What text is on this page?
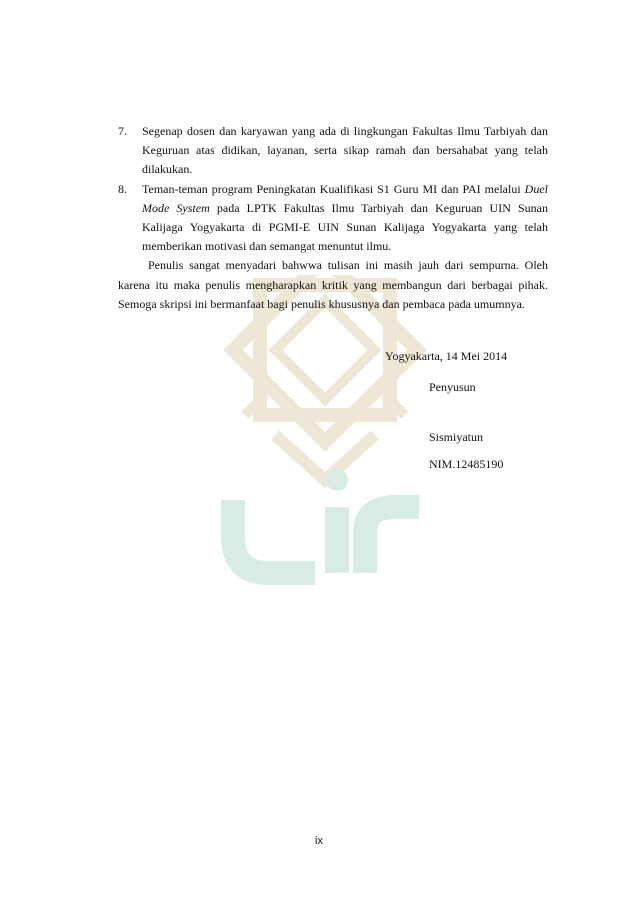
7.	Segenap dosen dan karyawan yang ada di lingkungan Fakultas Ilmu Tarbiyah dan Keguruan atas didikan, layanan, serta sikap ramah dan bersahabat yang telah dilakukan.
8.	Teman-teman program Peningkatan Kualifikasi S1 Guru MI dan PAI melalui Duel Mode System pada LPTK Fakultas Ilmu Tarbiyah dan Keguruan UIN Sunan Kalijaga Yogyakarta di PGMI-E UIN Sunan Kalijaga Yogyakarta yang telah memberikan motivasi dan semangat menuntut ilmu.

Penulis sangat menyadari bahwwa tulisan ini masih jauh dari sempurna. Oleh karena itu maka penulis mengharapkan kritik yang membangun dari berbagai pihak. Semoga skripsi ini bermanfaat bagi penulis khususnya dan pembaca pada umumnya.

Yogyakarta, 14 Mei 2014
Penyusun
Sismiyatun
NIM.12485190
ix
